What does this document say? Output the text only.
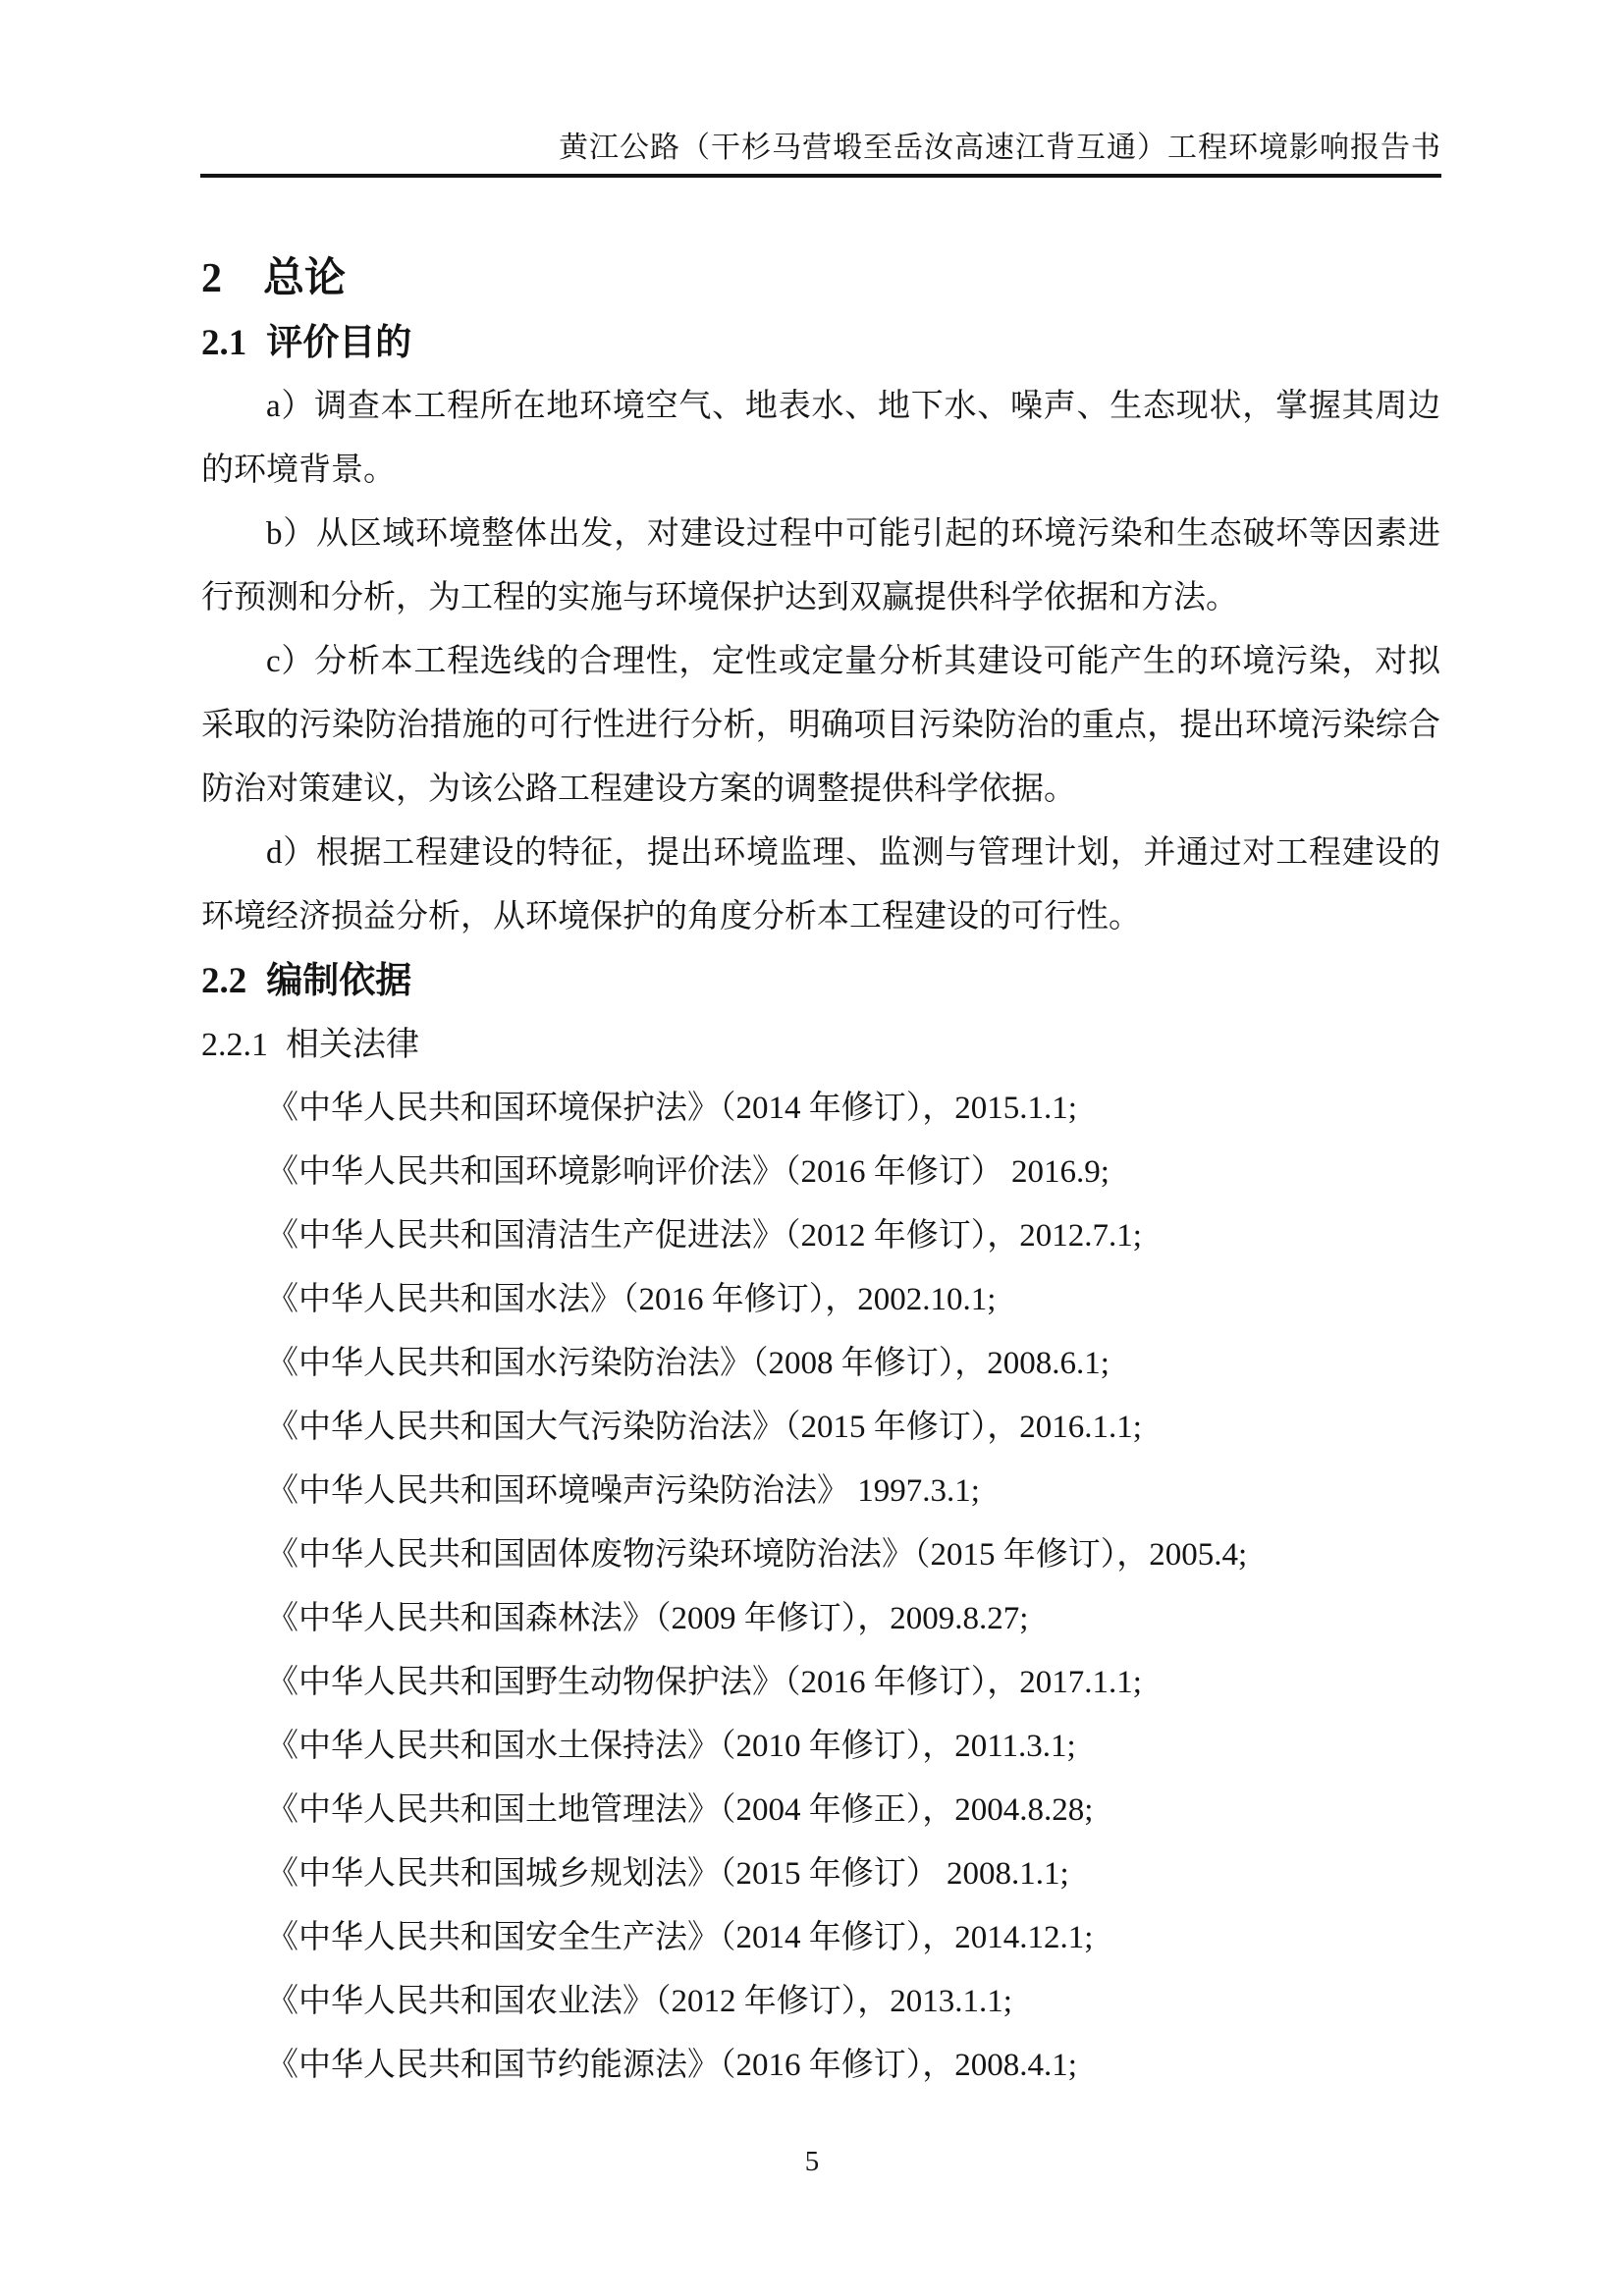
黄江公路（干杉马营塅至岳汝高速江背互通）工程环境影响报告书
2 总论
2.1 评价目的

a）调查本工程所在地环境空气、地表水、地下水、噪声、生态现状，掌握其周边的环境背景。

b）从区域环境整体出发，对建设过程中可能引起的环境污染和生态破坏等因素进行预测和分析，为工程的实施与环境保护达到双赢提供科学依据和方法。

c）分析本工程选线的合理性，定性或定量分析其建设可能产生的环境污染，对拟采取的污染防治措施的可行性进行分析，明确项目污染防治的重点，提出环境污染综合防治对策建议，为该公路工程建设方案的调整提供科学依据。

d）根据工程建设的特征，提出环境监理、监测与管理计划，并通过对工程建设的环境经济损益分析，从环境保护的角度分析本工程建设的可行性。

2.2 编制依据
2.2.1 相关法律

《中华人民共和国环境保护法》（2014 年修订），2015.1.1;

《中华人民共和国环境影响评价法》（2016 年修订） 2016.9;

《中华人民共和国清洁生产促进法》（2012 年修订），2012.7.1;

《中华人民共和国水法》（2016 年修订），2002.10.1;

《中华人民共和国水污染防治法》（2008 年修订），2008.6.1;

《中华人民共和国大气污染防治法》（2015 年修订），2016.1.1;

《中华人民共和国环境噪声污染防治法》 1997.3.1;

《中华人民共和国固体废物污染环境防治法》（2015 年修订），2005.4;

《中华人民共和国森林法》（2009 年修订），2009.8.27;

《中华人民共和国野生动物保护法》（2016 年修订），2017.1.1;

《中华人民共和国水土保持法》（2010 年修订），2011.3.1;

《中华人民共和国土地管理法》（2004 年修正），2004.8.28;

《中华人民共和国城乡规划法》（2015 年修订） 2008.1.1;

《中华人民共和国安全生产法》（2014 年修订），2014.12.1;

《中华人民共和国农业法》（2012 年修订），2013.1.1;

《中华人民共和国节约能源法》（2016 年修订），2008.4.1;

5
